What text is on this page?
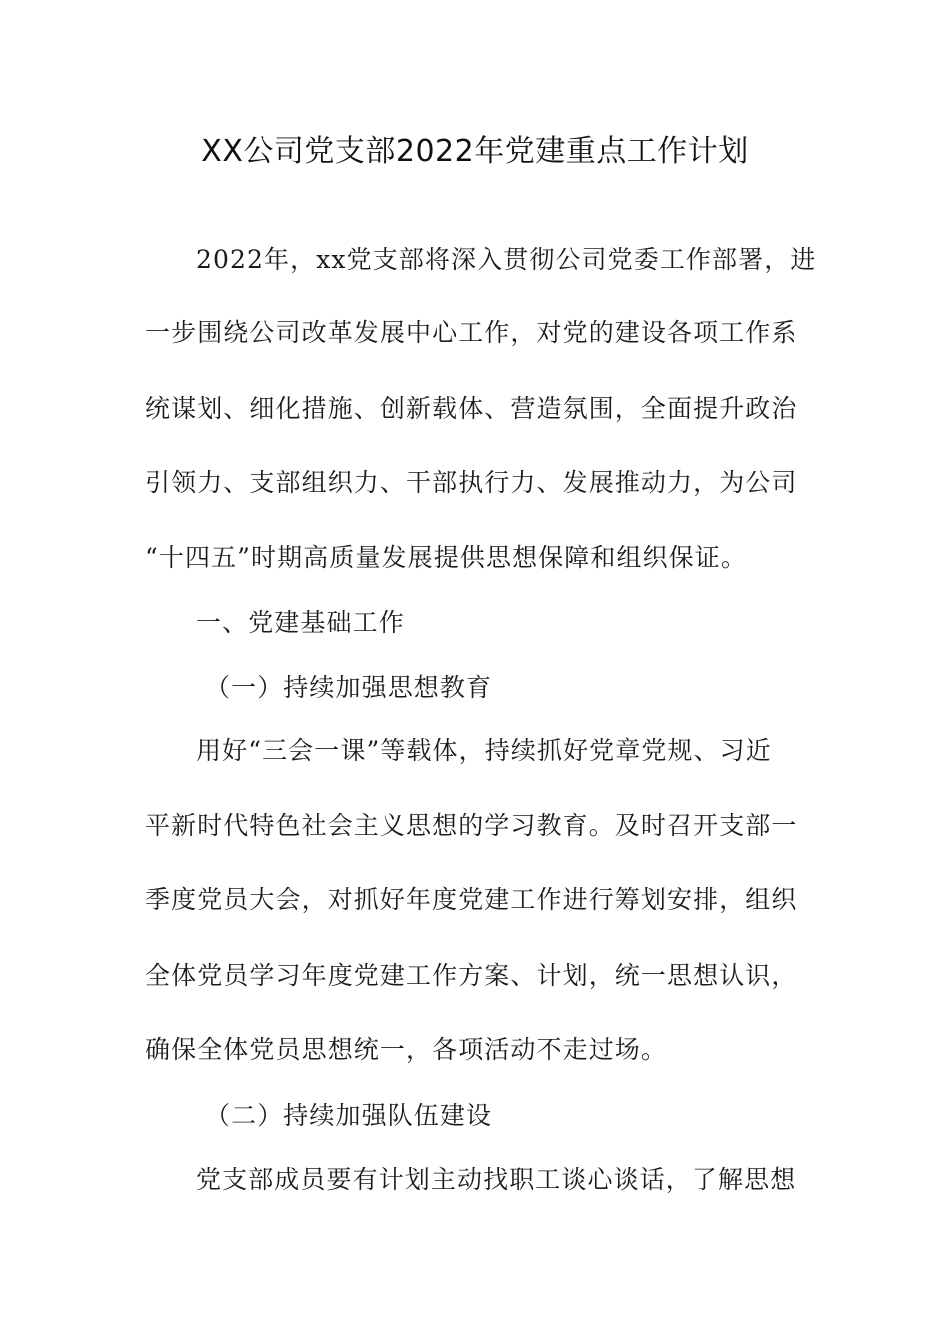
XX公司党支部2022年党建重点工作计划

2022年，xx党支部将深入贯彻公司党委工作部署，进

一步围绕公司改革发展中心工作，对党的建设各项工作系

统谋划、细化措施、创新载体、营造氛围，全面提升政治

引领力、支部组织力、干部执行力、发展推动力，为公司

“十四五”时期高质量发展提供思想保障和组织保证。

一、党建基础工作

（一）持续加强思想教育

用好“三会一课”等载体，持续抓好党章党规、习近

平新时代特色社会主义思想的学习教育。及时召开支部一

季度党员大会，对抓好年度党建工作进行筹划安排，组织

全体党员学习年度党建工作方案、计划，统一思想认识，

确保全体党员思想统一，各项活动不走过场。

（二）持续加强队伍建设

党支部成员要有计划主动找职工谈心谈话，了解思想
